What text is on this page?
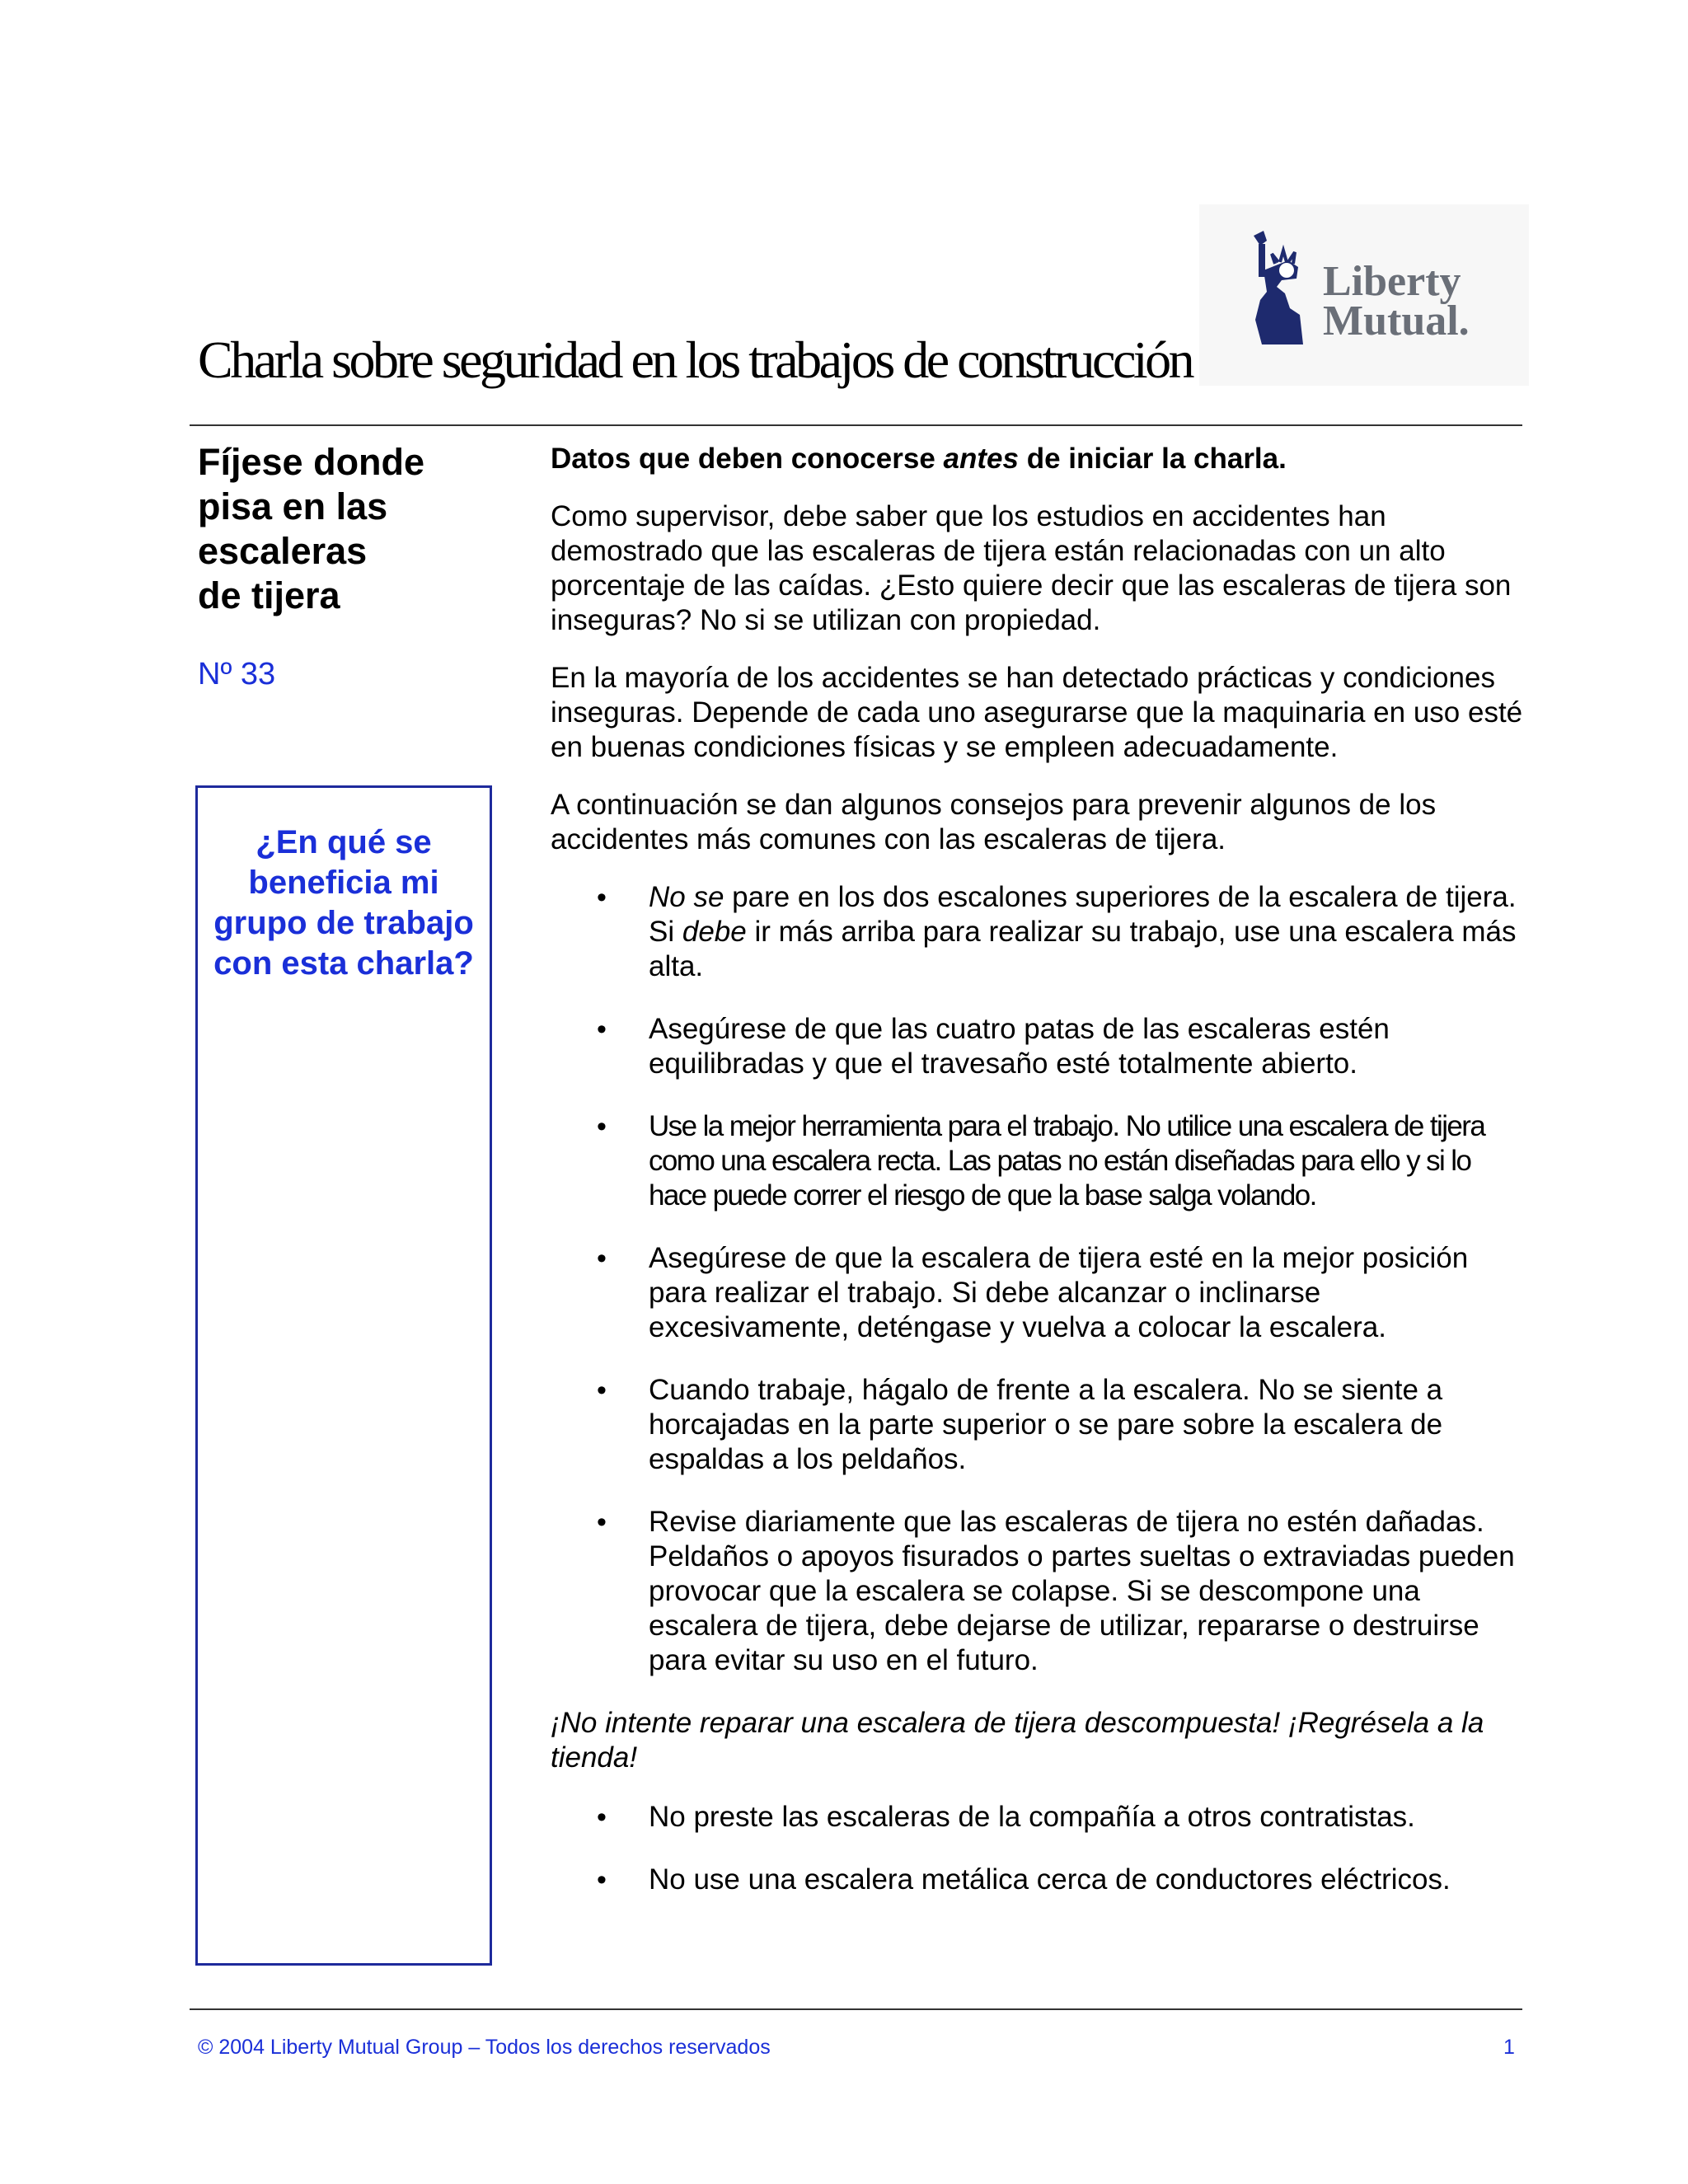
Liberty
Mutual.
Charla sobre seguridad en los trabajos de construcción
Fíjese donde
pisa en las
escaleras
de tijera
Nº 33
¿En qué se
beneficia mi
grupo de trabajo
con esta charla?

Datos que deben conocerse antes de iniciar la charla.

Como supervisor, debe saber que los estudios en accidentes han demostrado que las escaleras de tijera están relacionadas con un alto porcentaje de las caídas. ¿Esto quiere decir que las escaleras de tijera son inseguras? No si se utilizan con propiedad.

En la mayoría de los accidentes se han detectado prácticas y condiciones inseguras. Depende de cada uno asegurarse que la maquinaria en uso esté en buenas condiciones físicas y se empleen adecuadamente.

A continuación se dan algunos consejos para prevenir algunos de los accidentes más comunes con las escaleras de tijera.

• No se pare en los dos escalones superiores de la escalera de tijera. Si debe ir más arriba para realizar su trabajo, use una escalera más alta.
• Asegúrese de que las cuatro patas de las escaleras estén equilibradas y que el travesaño esté totalmente abierto.
• Use la mejor herramienta para el trabajo. No utilice una escalera de tijera como una escalera recta. Las patas no están diseñadas para ello y si lo hace puede correr el riesgo de que la base salga volando.
• Asegúrese de que la escalera de tijera esté en la mejor posición para realizar el trabajo. Si debe alcanzar o inclinarse excesivamente, deténgase y vuelva a colocar la escalera.
• Cuando trabaje, hágalo de frente a la escalera. No se siente a horcajadas en la parte superior o se pare sobre la escalera de espaldas a los peldaños.
• Revise diariamente que las escaleras de tijera no estén dañadas. Peldaños o apoyos fisurados o partes sueltas o extraviadas pueden provocar que la escalera se colapse. Si se descompone una escalera de tijera, debe dejarse de utilizar, repararse o destruirse para evitar su uso en el futuro.

¡No intente reparar una escalera de tijera descompuesta! ¡Regrésela a la tienda!

• No preste las escaleras de la compañía a otros contratistas.
• No use una escalera metálica cerca de conductores eléctricos.
© 2004 Liberty Mutual Group – Todos los derechos reservados	1
